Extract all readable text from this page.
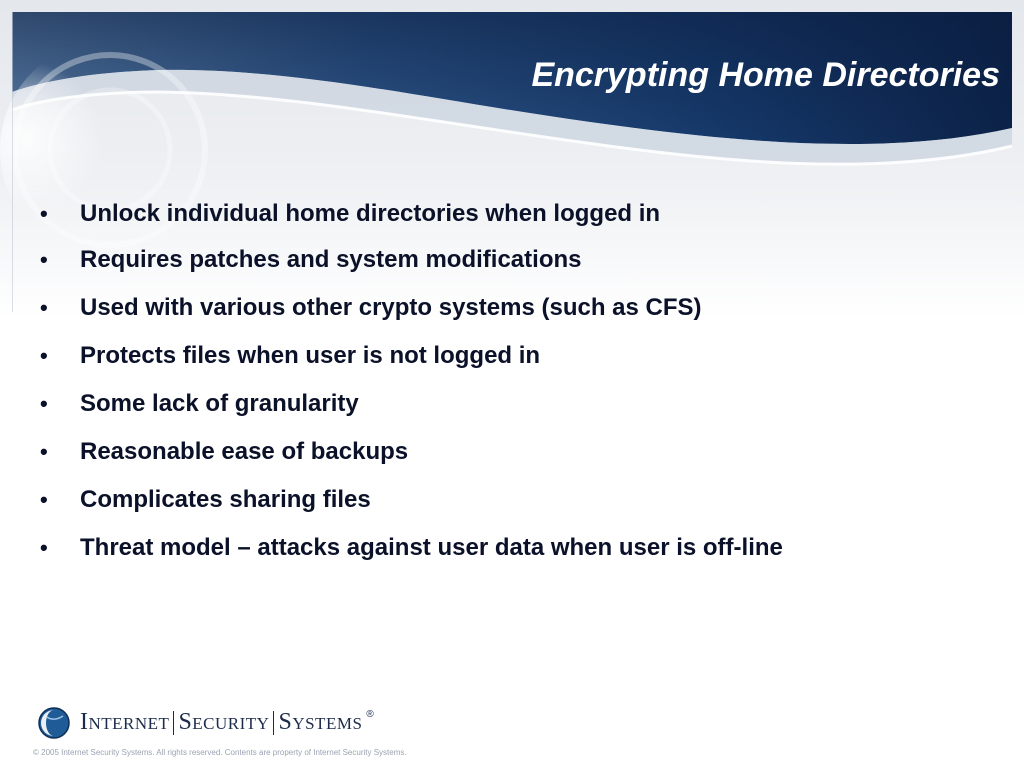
Encrypting Home Directories
•	Unlock individual home directories when logged in
•	Requires patches and system modifications
•	Used with various other crypto systems (such as CFS)
•	Protects files when user is not logged in
•	Some lack of granularity
•	Reasonable ease of backups
•	Complicates sharing files
•	Threat model – attacks against user data when user is off-line
INTERNET SECURITY SYSTEMS ®
© 2005 Internet Security Systems. All rights reserved. Contents are property of Internet Security Systems.
